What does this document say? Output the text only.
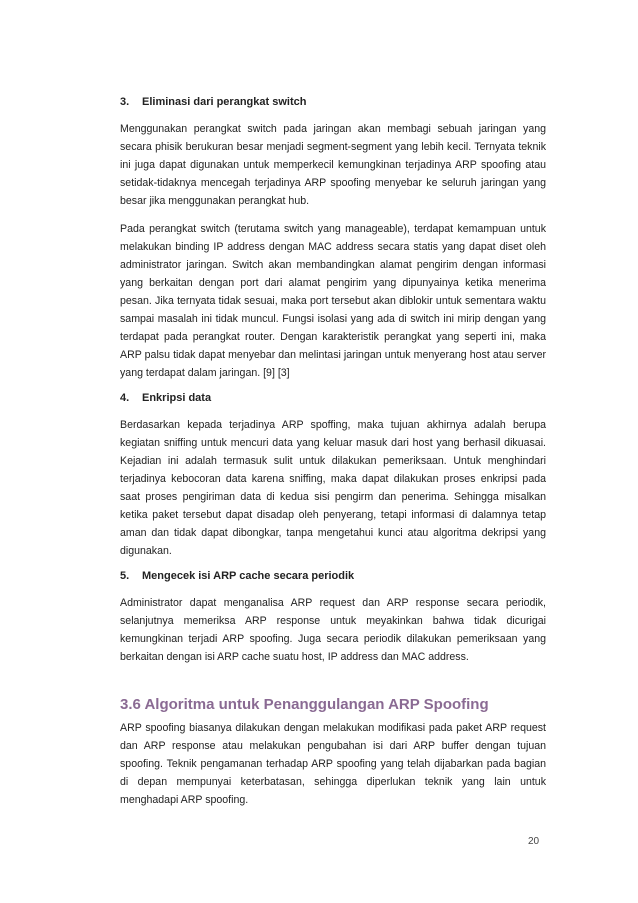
3.	Eliminasi dari perangkat switch

Menggunakan perangkat switch pada jaringan akan membagi sebuah jaringan yang secara phisik berukuran besar menjadi segment-segment yang lebih kecil. Ternyata teknik ini juga dapat digunakan untuk memperkecil kemungkinan terjadinya ARP spoofing atau setidak-tidaknya mencegah terjadinya ARP spoofing menyebar ke seluruh jaringan yang besar jika menggunakan perangkat hub.

Pada perangkat switch (terutama switch yang manageable), terdapat kemampuan untuk melakukan binding IP address dengan MAC address secara statis yang dapat diset oleh administrator jaringan. Switch akan membandingkan alamat pengirim dengan informasi yang berkaitan dengan port dari alamat pengirim yang dipunyainya ketika menerima pesan. Jika ternyata tidak sesuai, maka port tersebut akan diblokir untuk sementara waktu sampai masalah ini tidak muncul. Fungsi isolasi yang ada di switch ini mirip dengan yang terdapat pada perangkat router. Dengan karakteristik perangkat yang seperti ini, maka ARP palsu tidak dapat menyebar dan melintasi jaringan untuk menyerang host atau server yang terdapat dalam jaringan. [9] [3]

4.	Enkripsi data

Berdasarkan kepada terjadinya ARP spoffing, maka tujuan akhirnya adalah berupa kegiatan sniffing untuk mencuri data yang keluar masuk dari host yang berhasil dikuasai. Kejadian ini adalah termasuk sulit untuk dilakukan pemeriksaan. Untuk menghindari terjadinya kebocoran data karena sniffing, maka dapat dilakukan proses enkripsi pada saat proses pengiriman data di kedua sisi pengirm dan penerima. Sehingga misalkan ketika paket tersebut dapat disadap oleh penyerang, tetapi informasi di dalamnya tetap aman dan tidak dapat dibongkar, tanpa mengetahui kunci atau algoritma dekripsi yang digunakan.

5.	Mengecek isi ARP cache secara periodik

Administrator dapat menganalisa ARP request dan ARP response secara periodik, selanjutnya memeriksa ARP response untuk meyakinkan bahwa tidak dicurigai kemungkinan terjadi ARP spoofing. Juga secara periodik dilakukan pemeriksaan yang berkaitan dengan isi ARP cache suatu host, IP address dan MAC address.

3.6 Algoritma untuk Penanggulangan ARP Spoofing

ARP spoofing biasanya dilakukan dengan melakukan modifikasi pada paket ARP request dan ARP response atau melakukan pengubahan isi dari ARP buffer dengan tujuan spoofing. Teknik pengamanan terhadap ARP spoofing yang telah dijabarkan pada bagian di depan mempunyai keterbatasan, sehingga diperlukan teknik yang lain untuk menghadapi ARP spoofing.

20
